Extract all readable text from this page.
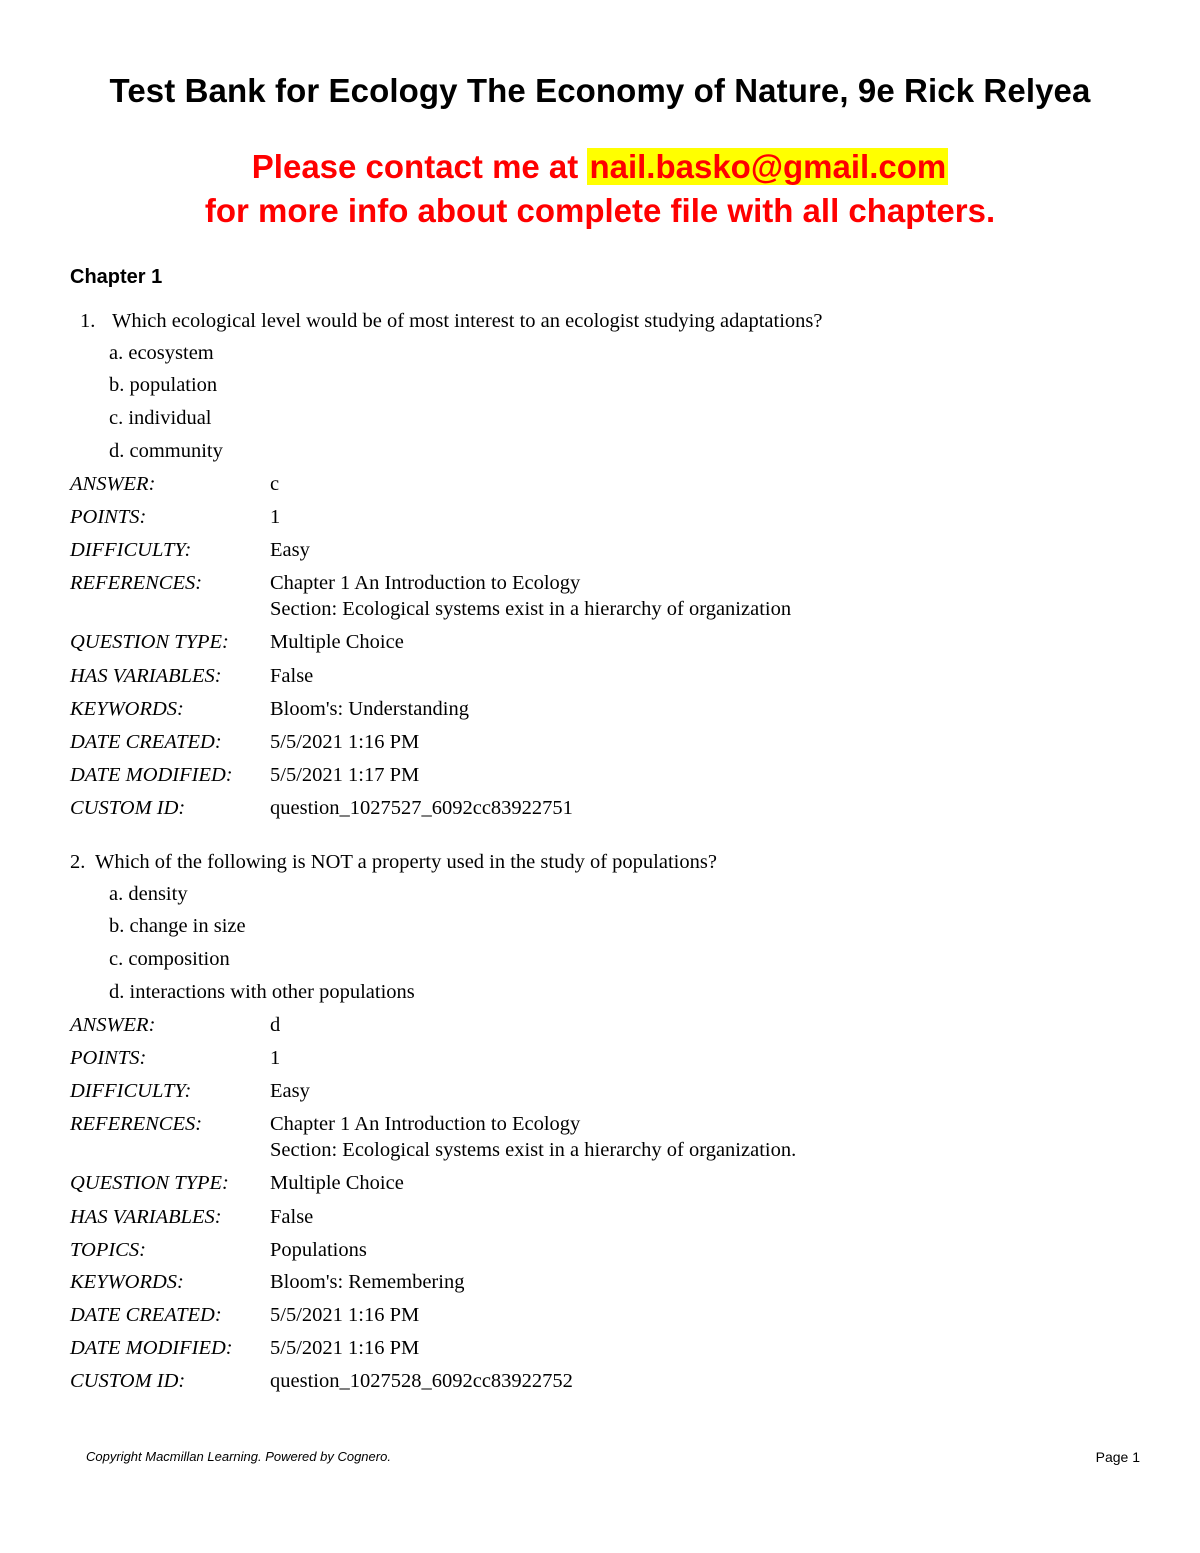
Test Bank for Ecology The Economy of Nature, 9e Rick Relyea

Please contact me at nail.basko@gmail.com

for more info about complete file with all chapters.

Chapter 1
1. Which ecological level would be of most interest to an ecologist studying adaptations?
a. ecosystem
b. population
c. individual
d. community
ANSWER:	c
POINTS:	1
DIFFICULTY:	Easy
REFERENCES:	Chapter 1 An Introduction to Ecology
Section: Ecological systems exist in a hierarchy of organization
QUESTION TYPE: Multiple Choice
HAS VARIABLES: False
KEYWORDS:	Bloom's: Understanding
DATE CREATED: 5/5/2021 1:16 PM
DATE MODIFIED: 5/5/2021 1:17 PM
CUSTOM ID:	question_1027527_6092cc83922751
2. Which of the following is NOT a property used in the study of populations?
a. density
b. change in size
c. composition
d. interactions with other populations
ANSWER:	d
POINTS:	1
DIFFICULTY:	Easy
REFERENCES:	Chapter 1 An Introduction to Ecology
Section: Ecological systems exist in a hierarchy of organization.
QUESTION TYPE: Multiple Choice
HAS VARIABLES: False
TOPICS:	Populations
KEYWORDS:	Bloom's: Remembering
DATE CREATED: 5/5/2021 1:16 PM
DATE MODIFIED: 5/5/2021 1:16 PM
CUSTOM ID:	question_1027528_6092cc83922752
Copyright Macmillan Learning. Powered by Cognero.	Page 1
